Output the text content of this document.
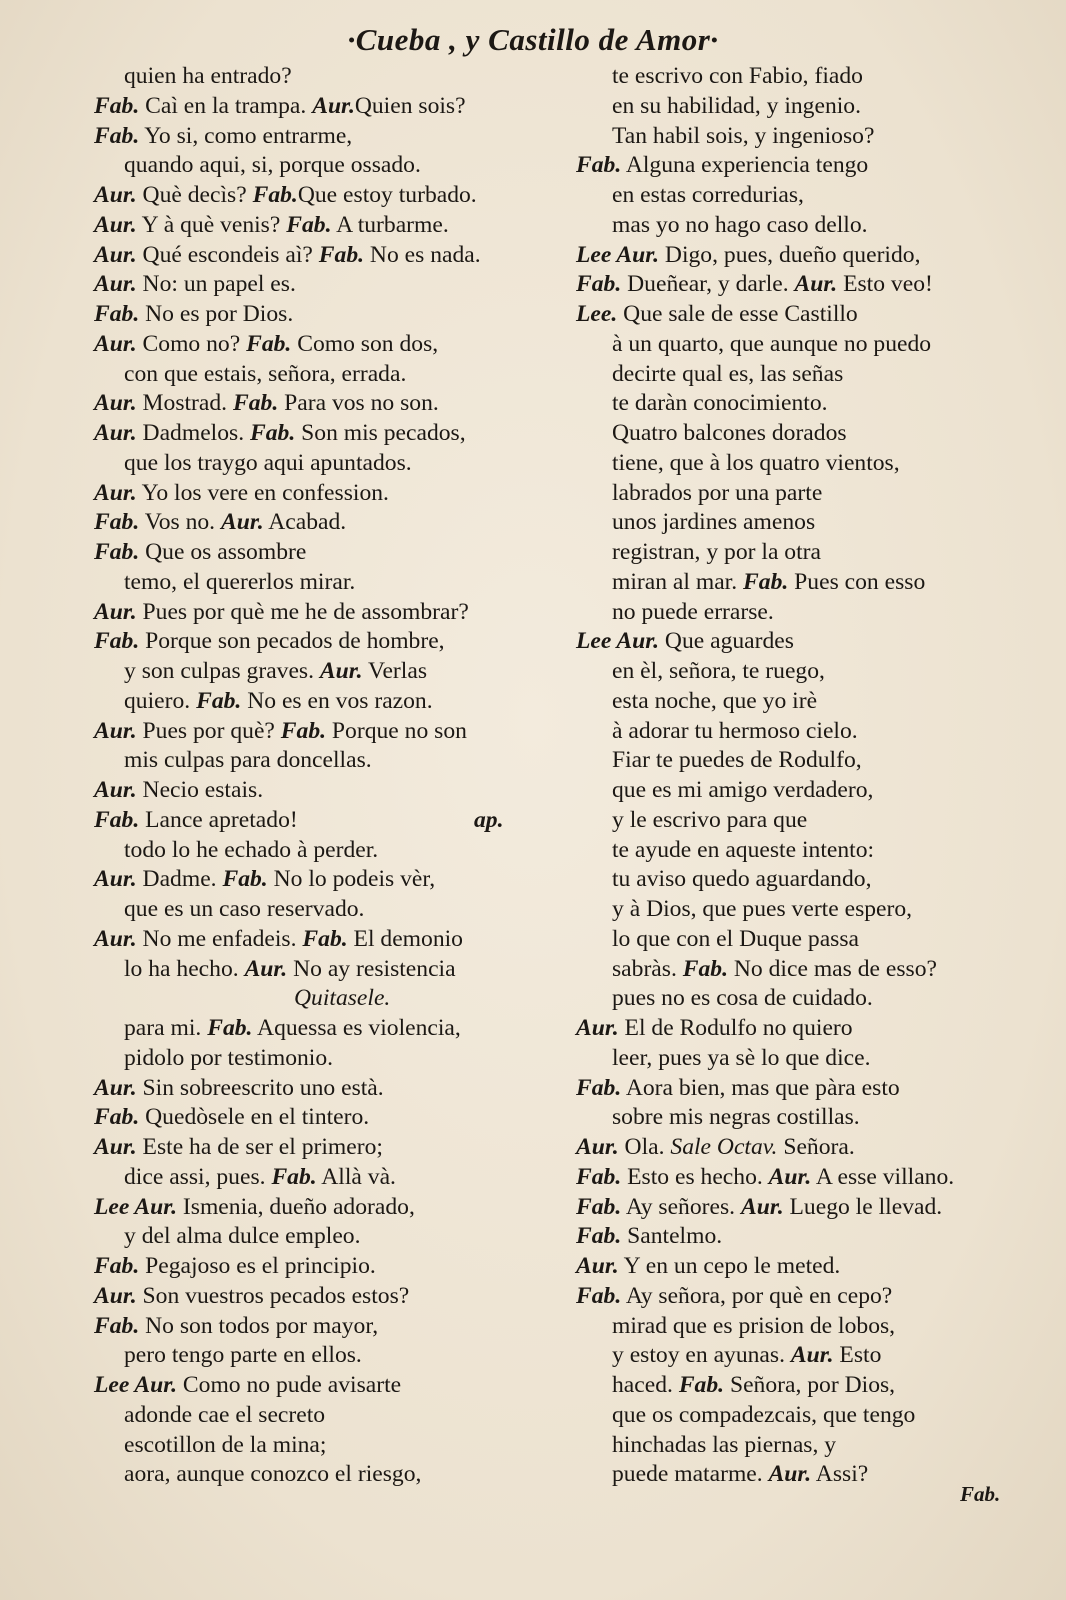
·Cueba , y Castillo de Amor·
quien ha entrado?
Fab. Caì en la trampa. Aur.Quien sois?
Fab. Yo si, como entrarme,
quando aqui, si, porque ossado.
Aur. Què decìs? Fab.Que estoy turbado.
Aur. Y à què venis? Fab. A turbarme.
Aur. Qué escondeis aì? Fab. No es nada.
Aur. No: un papel es.
Fab. No es por Dios.
Aur. Como no? Fab. Como son dos,
con que estais, señora, errada.
Aur. Mostrad. Fab. Para vos no son.
Aur. Dadmelos. Fab. Son mis pecados,
que los traygo aqui apuntados.
Aur. Yo los vere en confession.
Fab. Vos no. Aur. Acabad.
Fab. Que os assombre
temo, el quererlos mirar.
Aur. Pues por què me he de assombrar?
Fab. Porque son pecados de hombre,
y son culpas graves. Aur. Verlas
quiero. Fab. No es en vos razon.
Aur. Pues por què? Fab. Porque no son
mis culpas para doncellas.
Aur. Necio estais.
Fab. Lance apretado!	ap.
todo lo he echado à perder.
Aur. Dadme. Fab. No lo podeis vèr,
que es un caso reservado.
Aur. No me enfadeis. Fab. El demonio
lo ha hecho. Aur. No ay resistencia
Quitasele.
para mi. Fab. Aquessa es violencia,
pidolo por testimonio.
Aur. Sin sobreescrito uno està.
Fab. Quedòsele en el tintero.
Aur. Este ha de ser el primero;
dice assi, pues. Fab. Allà và.
Lee Aur. Ismenia, dueño adorado,
y del alma dulce empleo.
Fab. Pegajoso es el principio.
Aur. Son vuestros pecados estos?
Fab. No son todos por mayor,
pero tengo parte en ellos.
Lee Aur. Como no pude avisarte
adonde cae el secreto
escotillon de la mina;
aora, aunque conozco el riesgo,
te escrivo con Fabio, fiado
en su habilidad, y ingenio.
Tan habil sois, y ingenioso?
Fab. Alguna experiencia tengo
en estas corredurias,
mas yo no hago caso dello.
Lee Aur. Digo, pues, dueño querido,
Fab. Dueñear, y darle. Aur. Esto veo!
Lee. Que sale de esse Castillo
à un quarto, que aunque no puedo
decirte qual es, las señas
te daràn conocimiento.
Quatro balcones dorados
tiene, que à los quatro vientos,
labrados por una parte
unos jardines amenos
registran, y por la otra
miran al mar. Fab. Pues con esso
no puede errarse.
Lee Aur. Que aguardes
en èl, señora, te ruego,
esta noche, que yo irè
à adorar tu hermoso cielo.
Fiar te puedes de Rodulfo,
que es mi amigo verdadero,
y le escrivo para que
te ayude en aqueste intento:
tu aviso quedo aguardando,
y à Dios, que pues verte espero,
lo que con el Duque passa
sabràs. Fab. No dice mas de esso?
pues no es cosa de cuidado.
Aur. El de Rodulfo no quiero
leer, pues ya sè lo que dice.
Fab. Aora bien, mas que pàra esto
sobre mis negras costillas.
Aur. Ola. Sale Octav. Señora.
Fab. Esto es hecho. Aur. A esse villano.
Fab. Ay señores. Aur. Luego le llevad.
Fab. Santelmo.
Aur. Y en un cepo le meted.
Fab. Ay señora, por què en cepo?
mirad que es prision de lobos,
y estoy en ayunas. Aur. Esto
haced. Fab. Señora, por Dios,
que os compadezcais, que tengo
hinchadas las piernas, y
puede matarme. Aur. Assi?
Fab.
